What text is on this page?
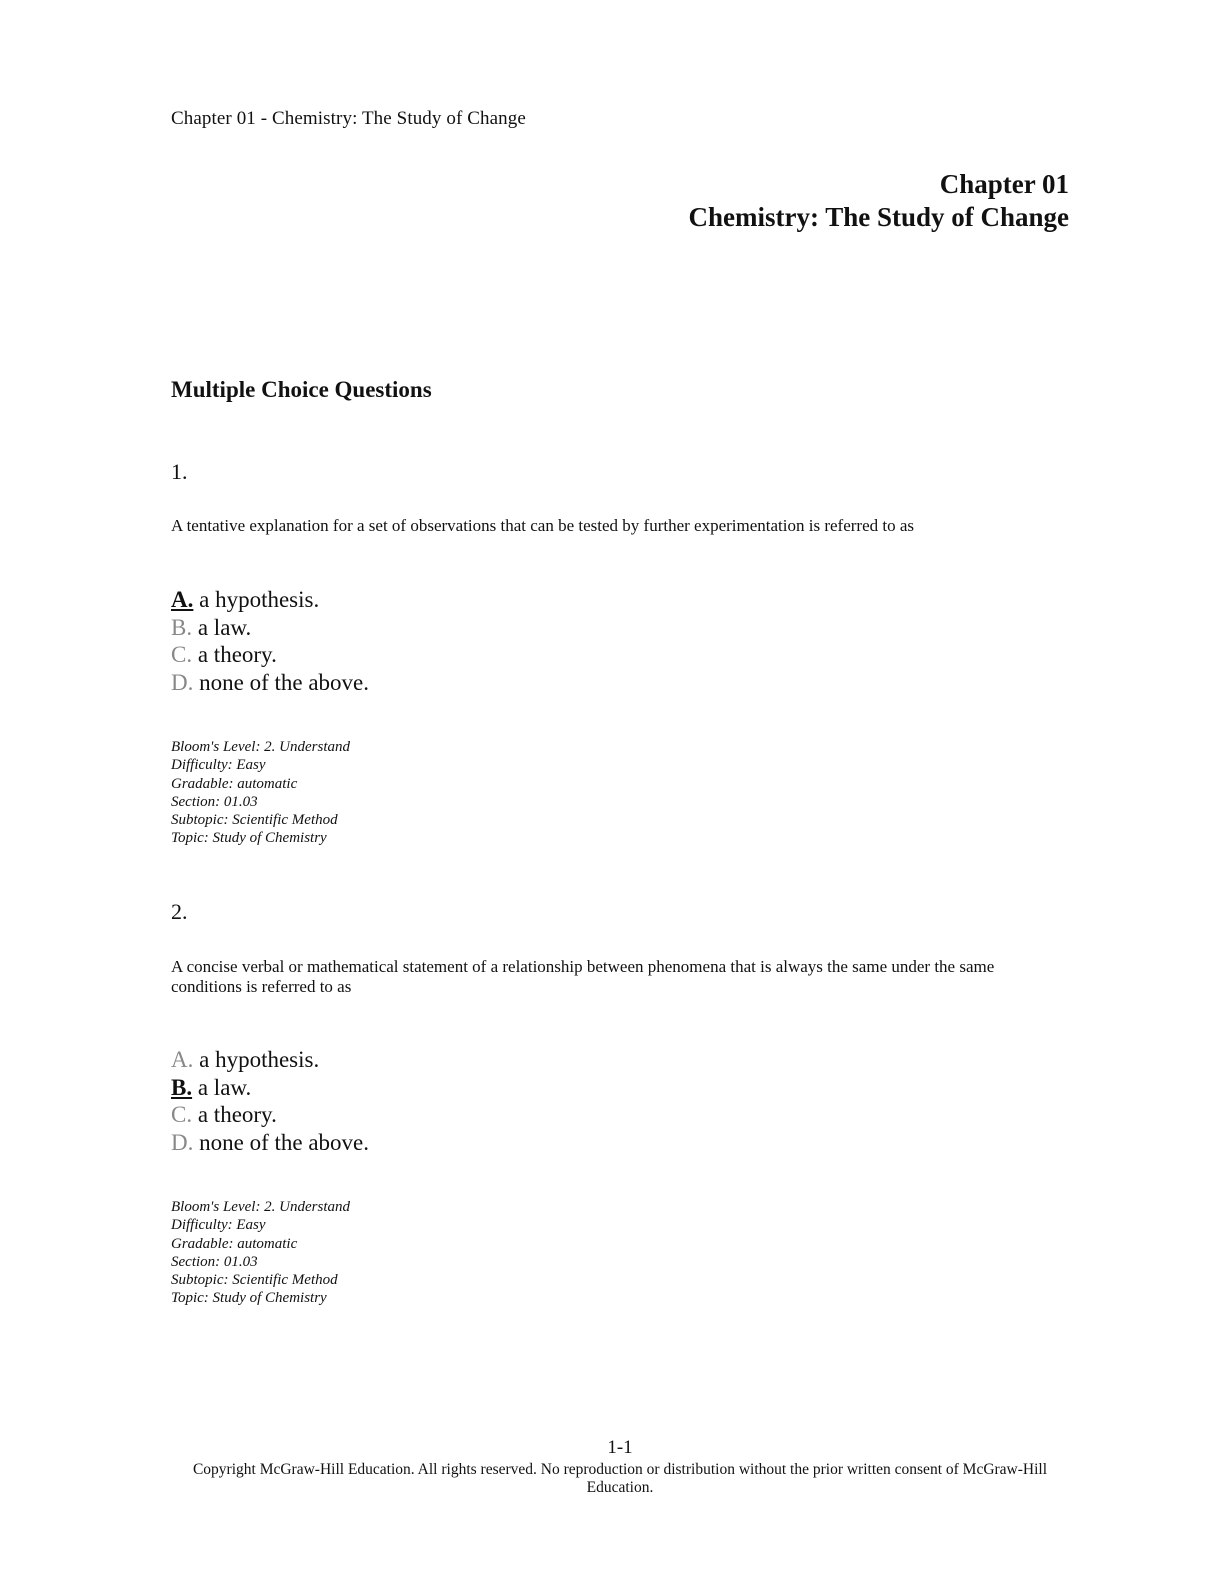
Chapter 01 - Chemistry: The Study of Change
Chapter 01
Chemistry: The Study of Change
Multiple Choice Questions
1.
A tentative explanation for a set of observations that can be tested by further experimentation is referred to as
A. a hypothesis.
B. a law.
C. a theory.
D. none of the above.
Bloom's Level: 2. Understand
Difficulty: Easy
Gradable: automatic
Section: 01.03
Subtopic: Scientific Method
Topic: Study of Chemistry
2.
A concise verbal or mathematical statement of a relationship between phenomena that is always the same under the same conditions is referred to as
A. a hypothesis.
B. a law.
C. a theory.
D. none of the above.
Bloom's Level: 2. Understand
Difficulty: Easy
Gradable: automatic
Section: 01.03
Subtopic: Scientific Method
Topic: Study of Chemistry
1-1
Copyright McGraw-Hill Education. All rights reserved. No reproduction or distribution without the prior written consent of McGraw-Hill Education.
